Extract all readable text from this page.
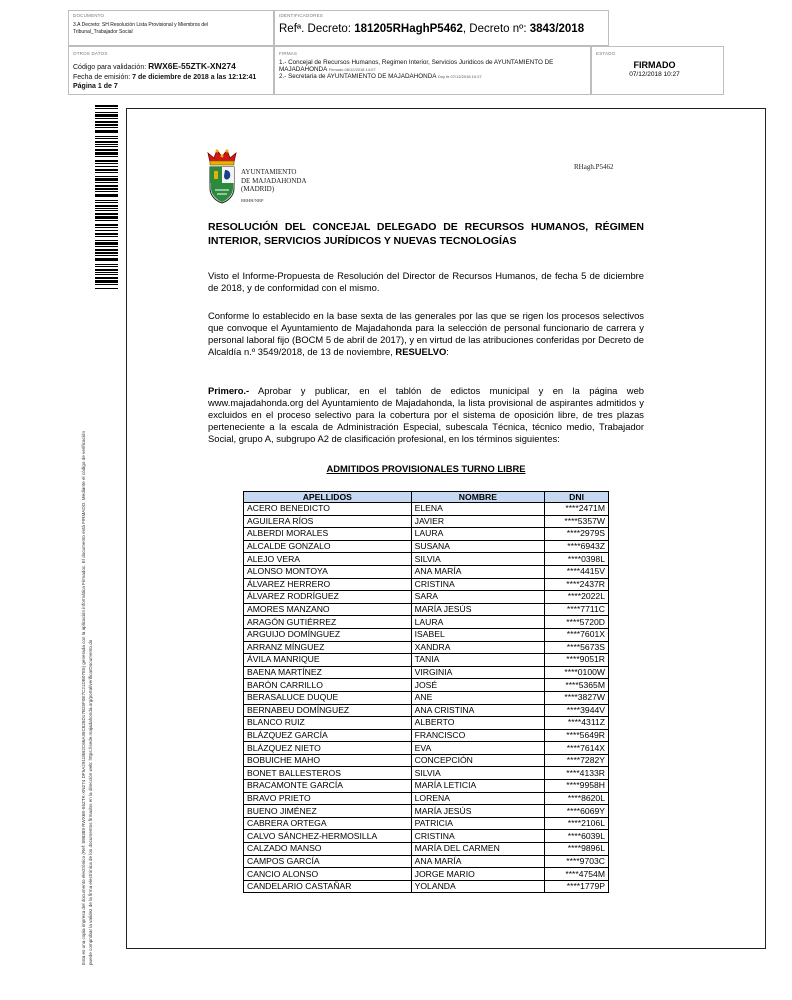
DOCUMENTO
3.A Decreto: SH Resolución Lista Provisional y Miembros del Tribunal_Trabajador Social
IDENTIFICADORES
Refª. Decreto: 181205RHaghP5462, Decreto nº: 3843/2018
OTROS DATOS
Código para validación: RWX6E-55ZTK-XN274
Fecha de emisión: 7 de diciembre de 2018 a las 12:12:41
Página 1 de 7
FIRMAS
1.- Concejal de Recursos Humanos, Regimen Interior, Servicios Juridicos de AYUNTAMIENTO DE
MAJADAHONDA Firmado 06/12/2018 14:07
2.- Secretaria de AYUNTAMIENTO DE MAJADAHONDA Doy fe 07/12/2018 10:27
ESTADO
FIRMADO
07/12/2018 10:27
Esta es una copia impresa del documento electrónico (Ref: 898389 RWX6E-55ZTK-XN274 DF5A2911BB2C66A35C828D17B25F0E7C21DB07E5) generada con la aplicación informática Firmadoc. El documento está FIRMADO. Mediante el código de verificación puede comprobar la validez de la firma electrónica de los documentos firmados en la dirección web: https://sede.majadahonda.org/portal/verificarDocumento.do
AYUNTAMIENTO
DE MAJADAHONDA
(MADRID)
RRHH/NRP
RHagh.P5462
RESOLUCIÓN DEL CONCEJAL DELEGADO DE RECURSOS HUMANOS, RÉGIMEN INTERIOR, SERVICIOS JURÍDICOS Y NUEVAS TECNOLOGÍAS

Visto el Informe-Propuesta de Resolución del Director de Recursos Humanos, de fecha 5 de diciembre de 2018, y de conformidad con el mismo.

Conforme lo establecido en la base sexta de las generales por las que se rigen los procesos selectivos que convoque el Ayuntamiento de Majadahonda para la selección de personal funcionario de carrera y personal laboral fijo (BOCM 5 de abril de 2017), y en virtud de las atribuciones conferidas por Decreto de Alcaldía n.º 3549/2018, de 13 de noviembre, RESUELVO:

Primero.- Aprobar y publicar, en el tablón de edictos municipal y en la página web www.majadahonda.org del Ayuntamiento de Majadahonda, la lista provisional de aspirantes admitidos y excluidos en el proceso selectivo para la cobertura por el sistema de oposición libre, de tres plazas perteneciente a la escala de Administración Especial, subescala Técnica, técnico medio, Trabajador Social, grupo A, subgrupo A2 de clasificación profesional, en los términos siguientes:

ADMITIDOS PROVISIONALES TURNO LIBRE
APELLIDOS	NOMBRE	DNI
ACERO BENEDICTO	ELENA	****2471M
AGUILERA RÍOS	JAVIER	****5357W
ALBERDI MORALES	LAURA	****2979S
ALCALDE GONZALO	SUSANA	****6943Z
ALEJO VERA	SILVIA	****0398L
ALONSO MONTOYA	ANA MARÍA	****4415V
ÁLVAREZ HERRERO	CRISTINA	****2437R
ÁLVAREZ RODRÍGUEZ	SARA	****2022L
AMORES MANZANO	MARÍA JESÚS	****7711C
ARAGÓN GUTIÉRREZ	LAURA	****5720D
ARGUIJO DOMÍNGUEZ	ISABEL	****7601X
ARRANZ MÍNGUEZ	XANDRA	****5673S
ÁVILA MANRIQUE	TANIA	****9051R
BAENA MARTÍNEZ	VIRGINIA	****0100W
BARÓN CARRILLO	JOSÉ	****5365M
BERASALUCE DUQUE	ANE	****3827W
BERNABEU DOMÍNGUEZ	ANA CRISTINA	****3944V
BLANCO RUIZ	ALBERTO	****4311Z
BLÁZQUEZ GARCÍA	FRANCISCO	****5649R
BLÁZQUEZ NIETO	EVA	****7614X
BOBUICHE MAHO	CONCEPCIÓN	****7282Y
BONET BALLESTEROS	SILVIA	****4133R
BRACAMONTE GARCÍA	MARÍA LETICIA	****9958H
BRAVO PRIETO	LORENA	****8620L
BUENO JIMÉNEZ	MARÍA JESÚS	****6069Y
CABRERA ORTEGA	PATRICIA	****2106L
CALVO SÁNCHEZ-HERMOSILLA	CRISTINA	****6039L
CALZADO MANSO	MARÍA DEL CARMEN	****9896L
CAMPOS GARCÍA	ANA MARÍA	****9703C
CANCIO ALONSO	JORGE MARIO	****4754M
CANDELARIO CASTAÑAR	YOLANDA	****1779P
